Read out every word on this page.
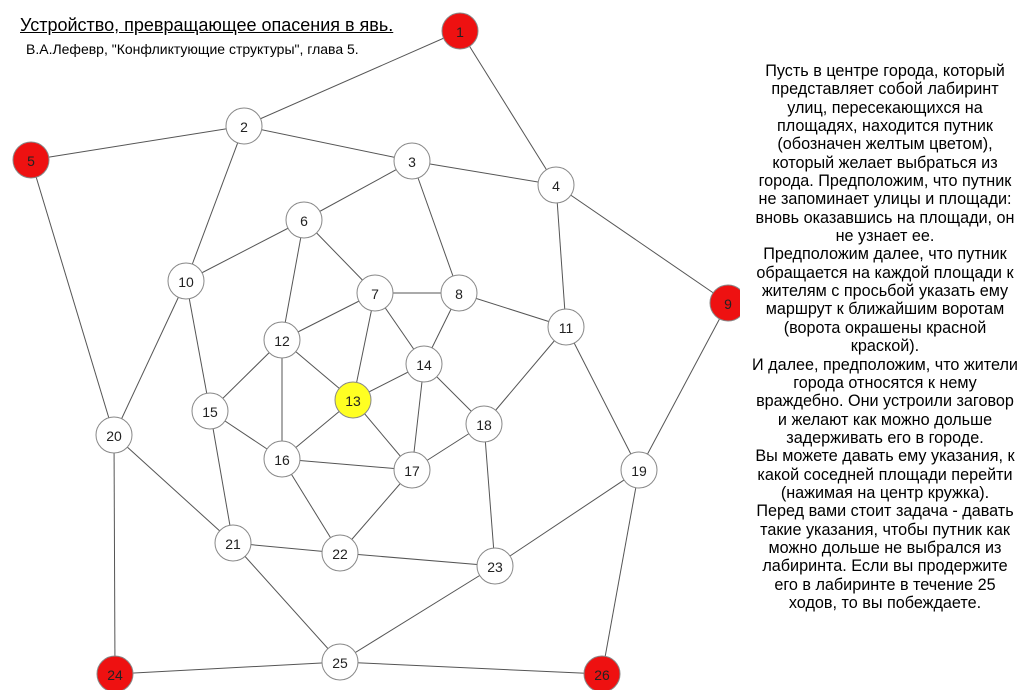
Устройство, превращающее опасения в явь.
В.А.Лефевр, "Конфликтующие структуры", глава 5.
1
2
3
4
5
6
7	8
9
10
11
12
13
14
15
16
17
18
19
20
21
22
23
24
25
26

Пусть в центре города, который представляет собой лабиринт улиц, пересекающихся на площадях, находится путник (обозначен желтым цветом), который желает выбраться из города. Предположим, что путник не запоминает улицы и площади: вновь оказавшись на площади, он не узнает ее.

Предположим далее, что путник обращается на каждой площади к жителям с просьбой указать ему маршрут к ближайшим воротам (ворота окрашены красной краской).

И далее, предположим, что жители города относятся к нему враждебно. Они устроили заговор и желают как можно дольше задерживать его в городе.

Вы можете давать ему указания, к какой соседней площади перейти (нажимая на центр кружка).

Перед вами стоит задача - давать такие указания, чтобы путник как можно дольше не выбрался из лабиринта. Если вы продержите его в лабиринте в течение 25 ходов, то вы побеждаете.
